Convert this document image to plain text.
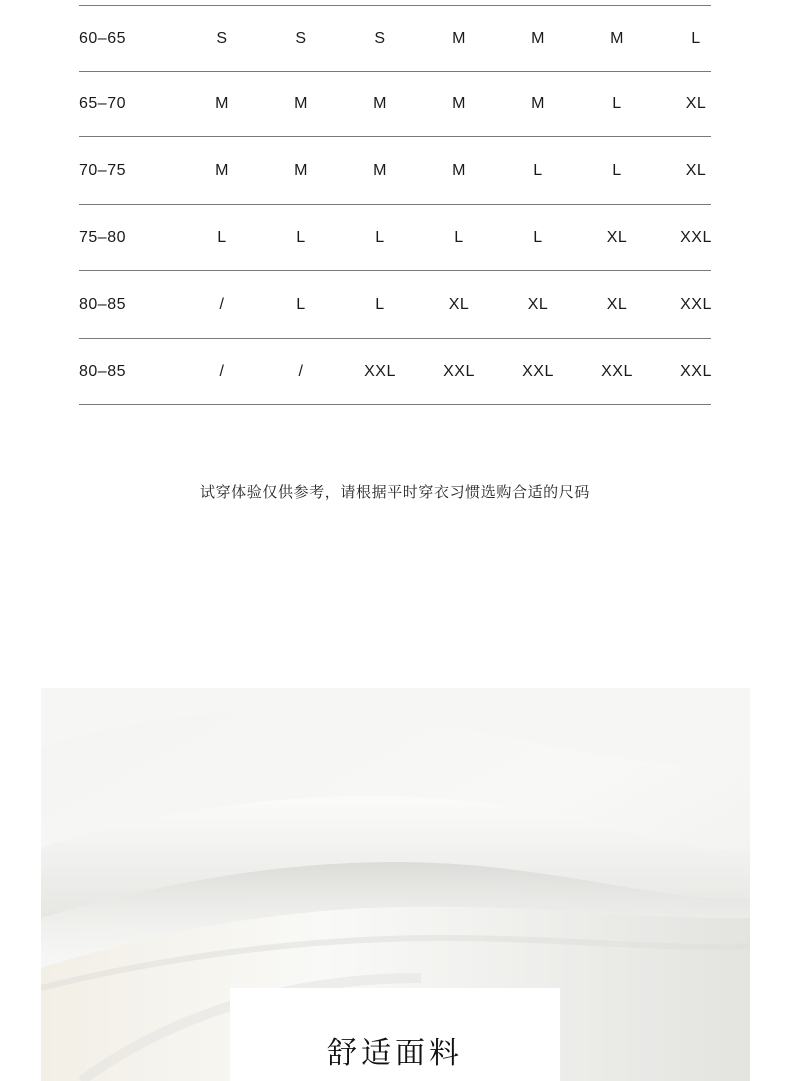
60–65	S	S	S	M	M	M	L
65–70	M	M	M	M	M	L	XL
70–75	M	M	M	M	L	L	XL
75–80	L	L	L	L	L	XL	XXL
80–85	/	L	L	XL	XL	XL	XXL
80–85	/	/	XXL	XXL	XXL	XXL	XXL
试穿体验仅供参考，请根据平时穿衣习惯选购合适的尺码
舒适面料
